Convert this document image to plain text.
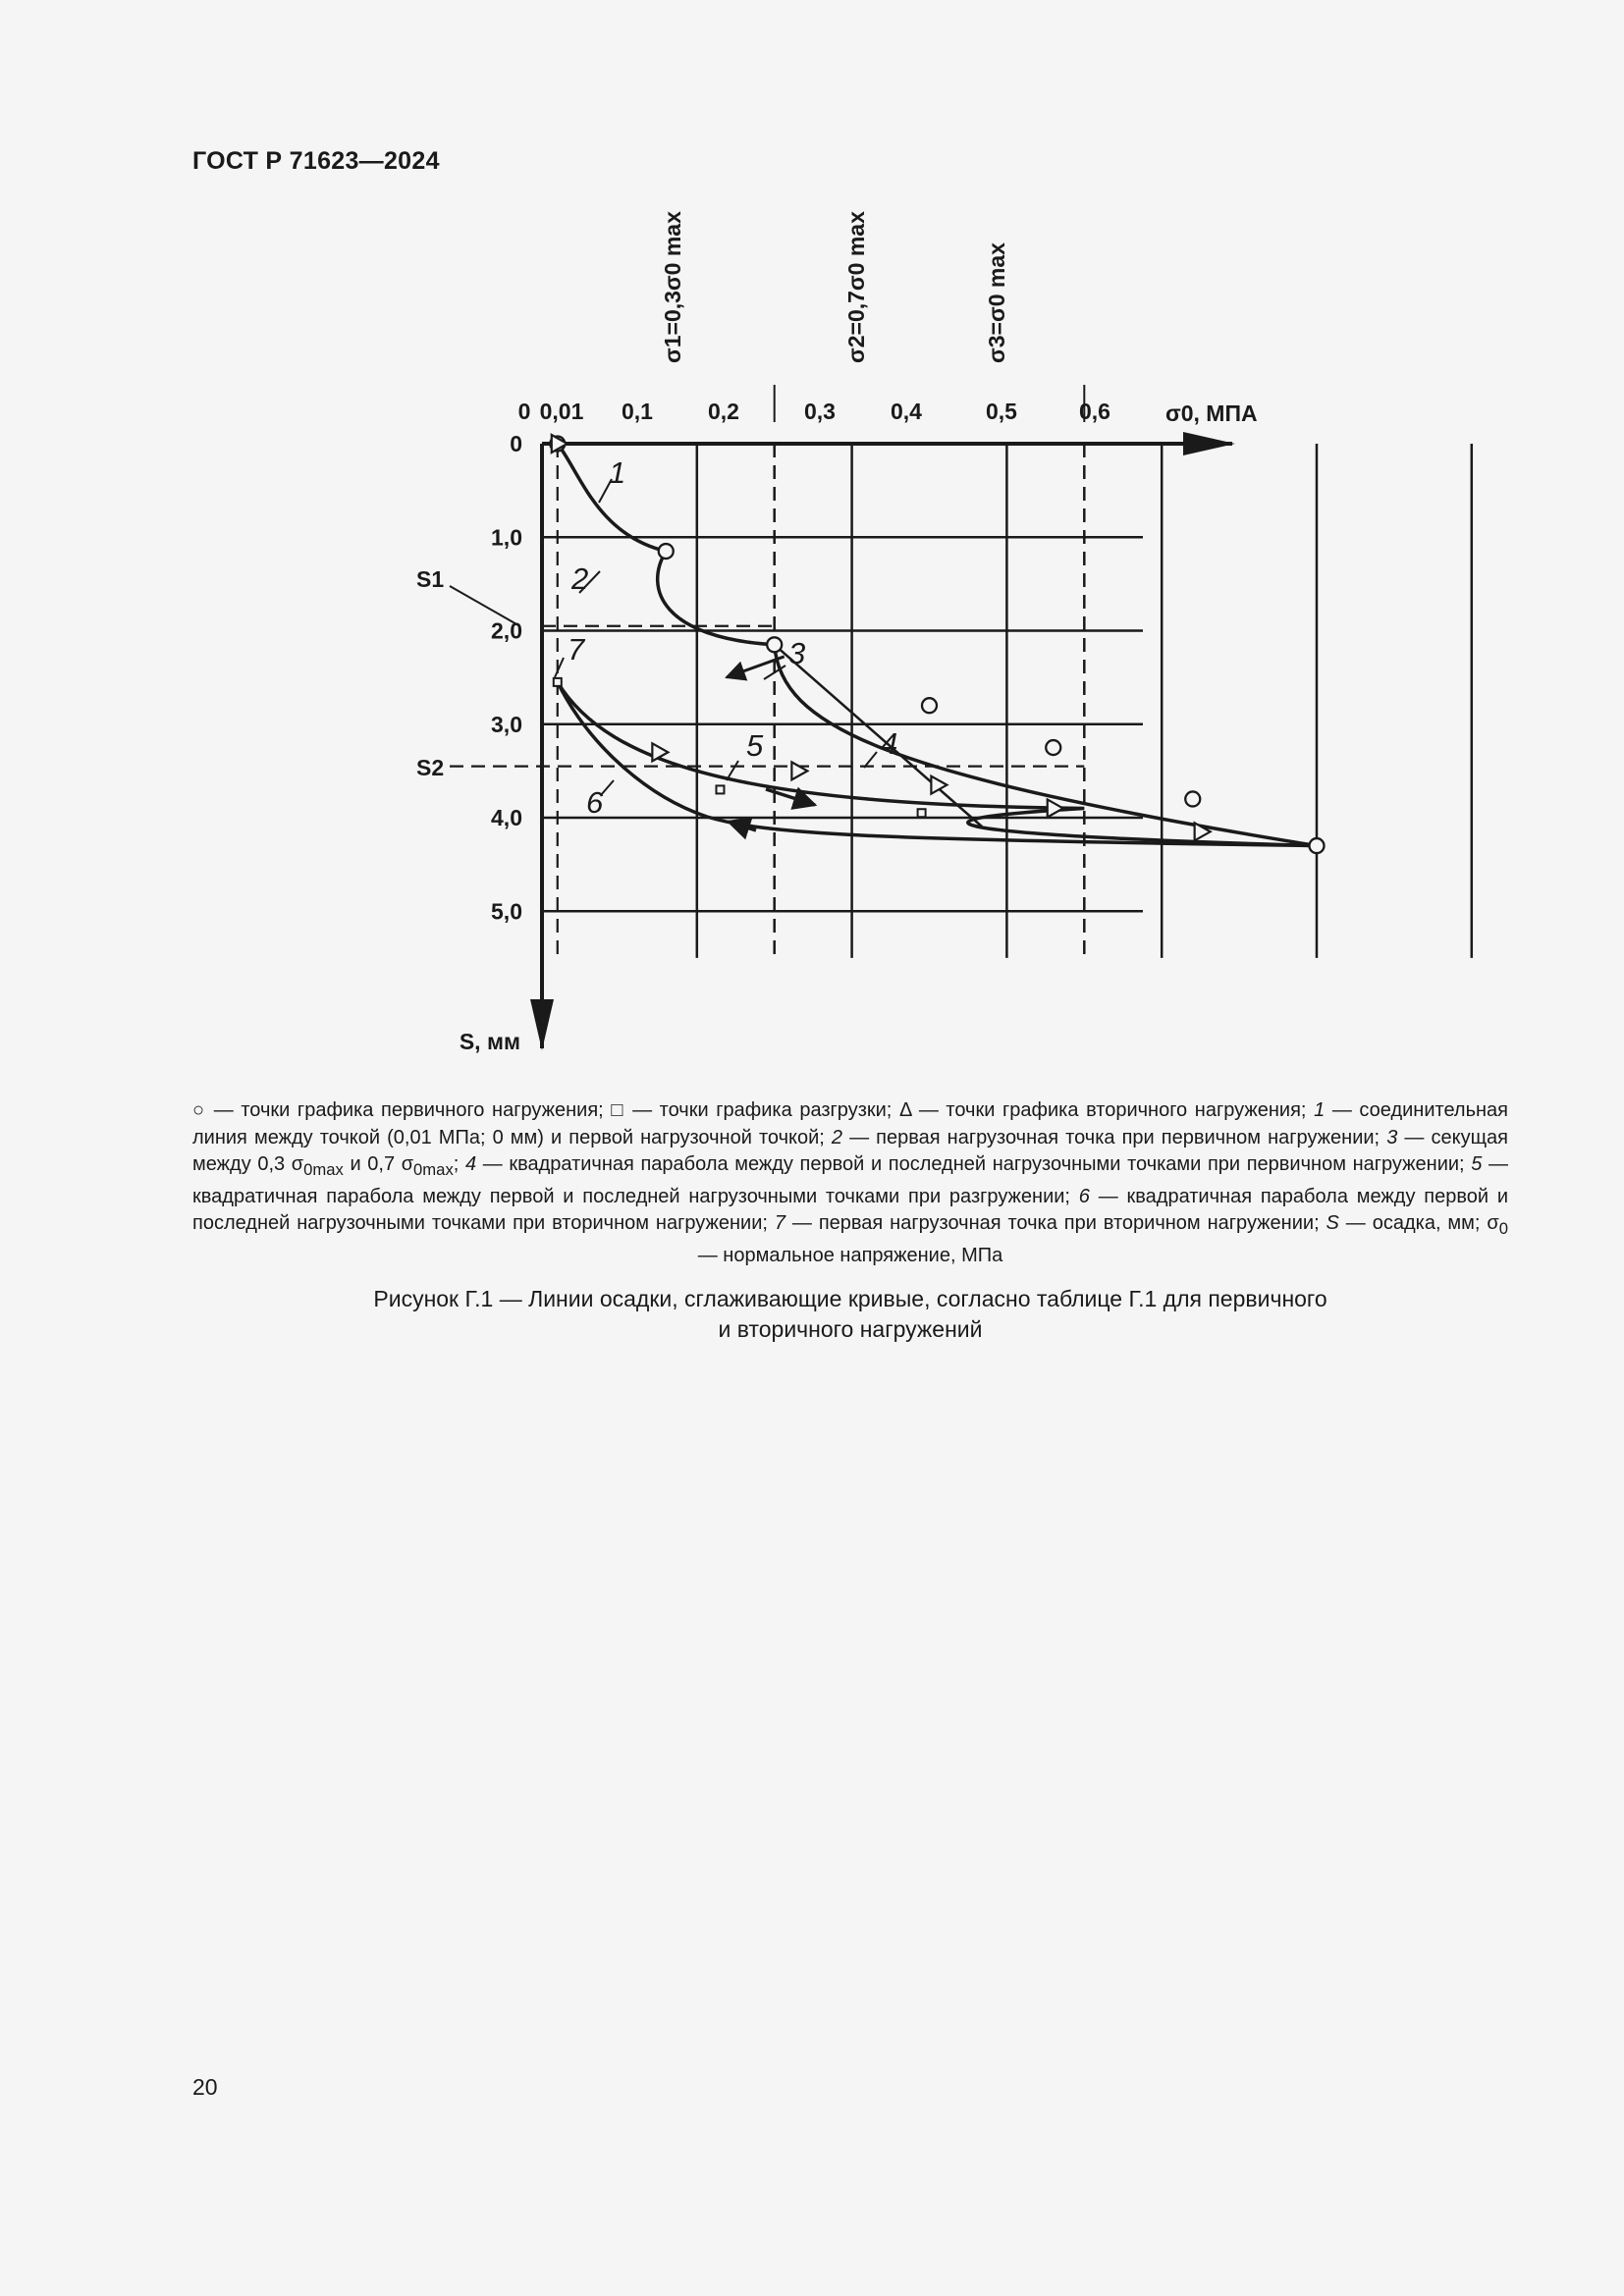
ГОСТ Р 71623—2024
0 0,01 0,1 0,2	0,3 0,4	0,5	0,6 σ0, МПА
0
1,0
2,0
3,0
4,0
5,0
S, мм
S1
S2
σ1=0,3σ0 max	σ2=0,7σ0 max	σ3=σ0 max
1
2
3
4
5
6
7
○ — точки графика первичного нагружения; □ — точки графика разгрузки; Δ — точки графика вторичного нагружения; 1 — соединительная линия между точкой (0,01 МПа; 0 мм) и первой нагрузочной точкой; 2 — первая нагрузочная точка при первичном нагружении; 3 — секущая между 0,3 $\sigma_{0max}$ и 0,7 $\sigma_{0max}$; 4 — квадратичная парабола между первой и последней нагрузочными точками при первичном нагружении; 5 — квадратичная парабола между первой и последней нагрузочными точками при разгружении; 6 — квадратичная парабола между первой и последней нагрузочными точками при вторичном нагружении; 7 — первая нагрузочная точка при вторичном нагружении; S — осадка, мм; $\sigma_0$ — нормальное напряжение, МПа
Рисунок Г.1 — Линии осадки, сглаживающие кривые, согласно таблице Г.1 для первичного
и вторичного нагружений
20
